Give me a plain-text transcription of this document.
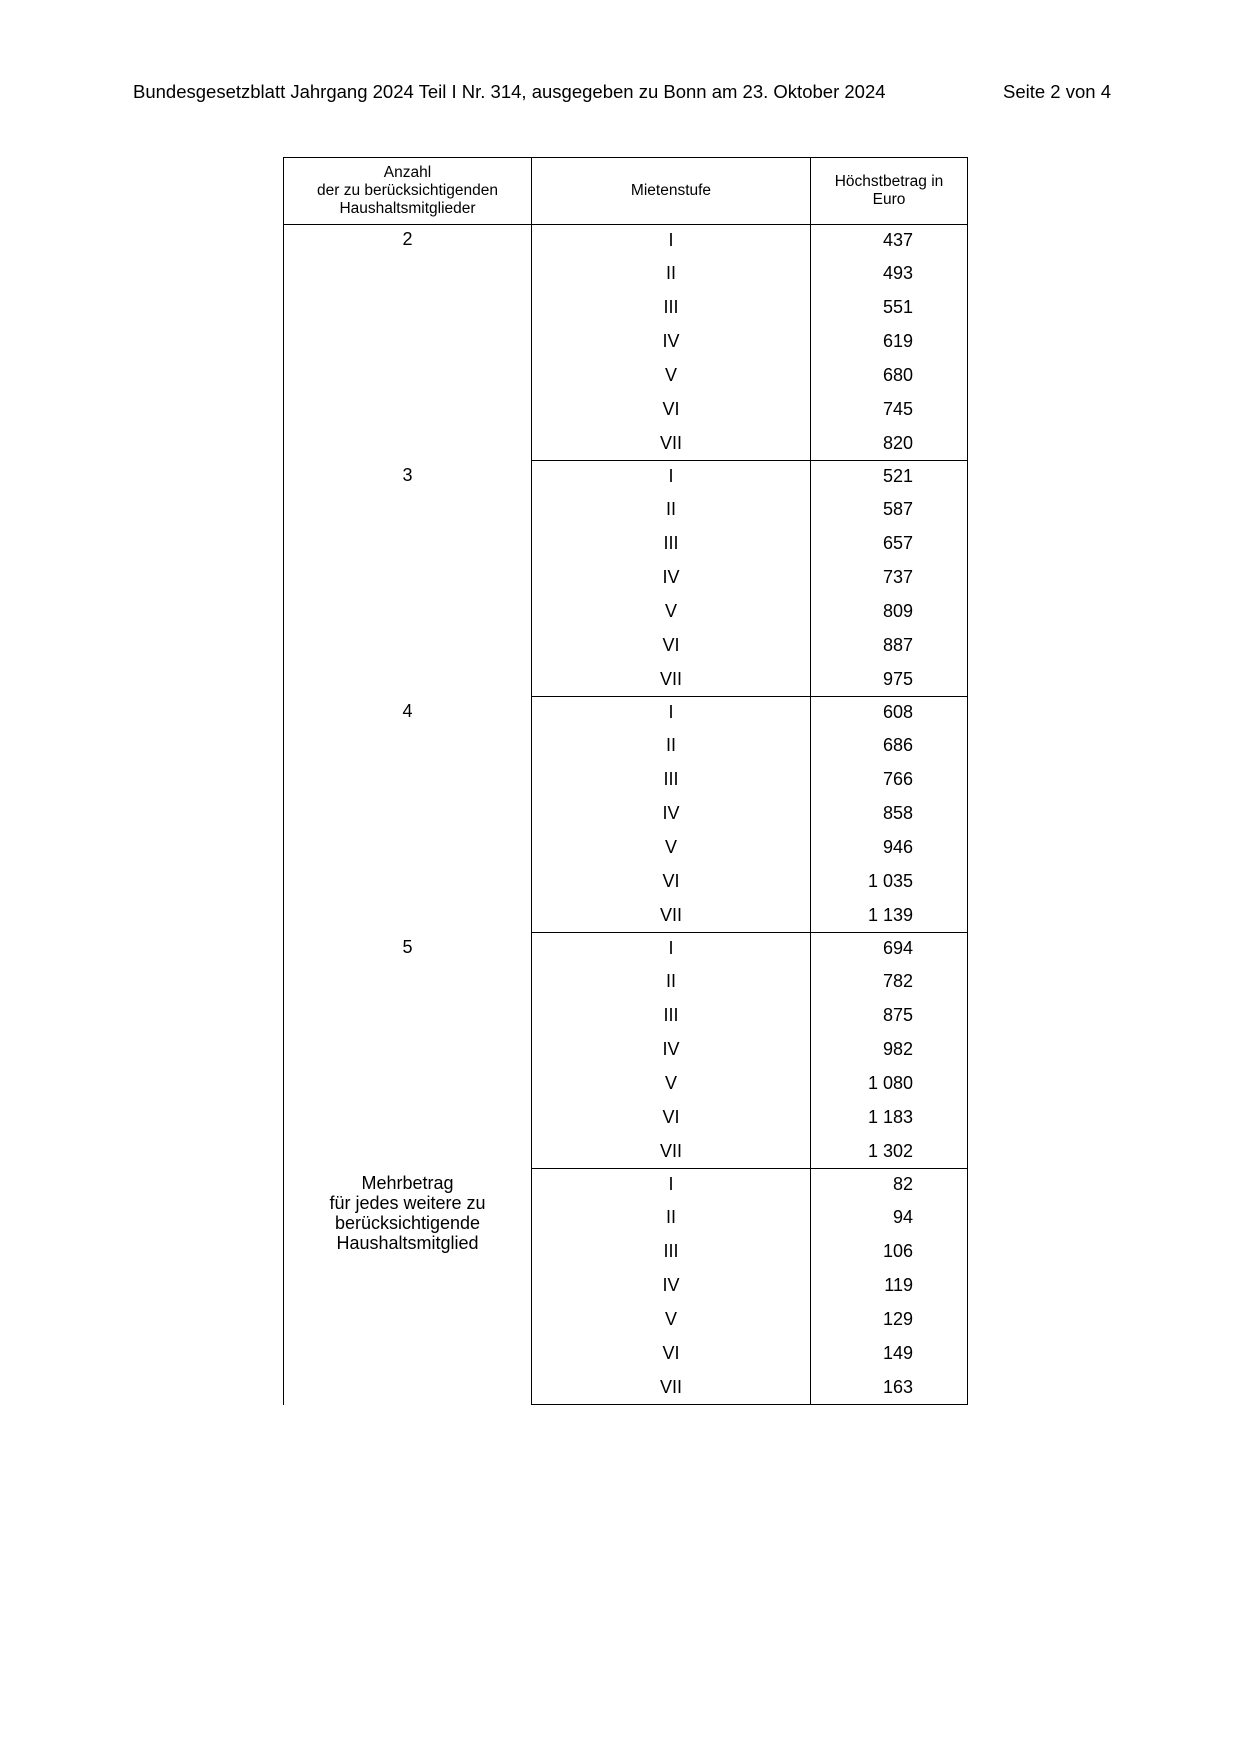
Bundesgesetzblatt Jahrgang 2024 Teil I Nr. 314, ausgegeben zu Bonn am 23. Oktober 2024	Seite 2 von 4
Anzahl
der zu berücksichtigenden
Haushaltsmitglieder	Mietenstufe	Höchstbetrag in
Euro

2	I	437
	II	493
	III	551
	IV	619
	V	680
	VI	745
	VII	820

3	I	521
	II	587
	III	657
	IV	737
	V	809
	VI	887
	VII	975

4	I	608
	II	686
	III	766
	IV	858
	V	946
	VI	1 035
	VII	1 139

5	I	694
	II	782
	III	875
	IV	982
	V	1 080
	VI	1 183
	VII	1 302

Mehrbetrag
für jedes weitere zu
berücksichtigende
Haushaltsmitglied	I	82
	II	94
	III	106
	IV	119
	V	129
	VI	149
	VII	163
